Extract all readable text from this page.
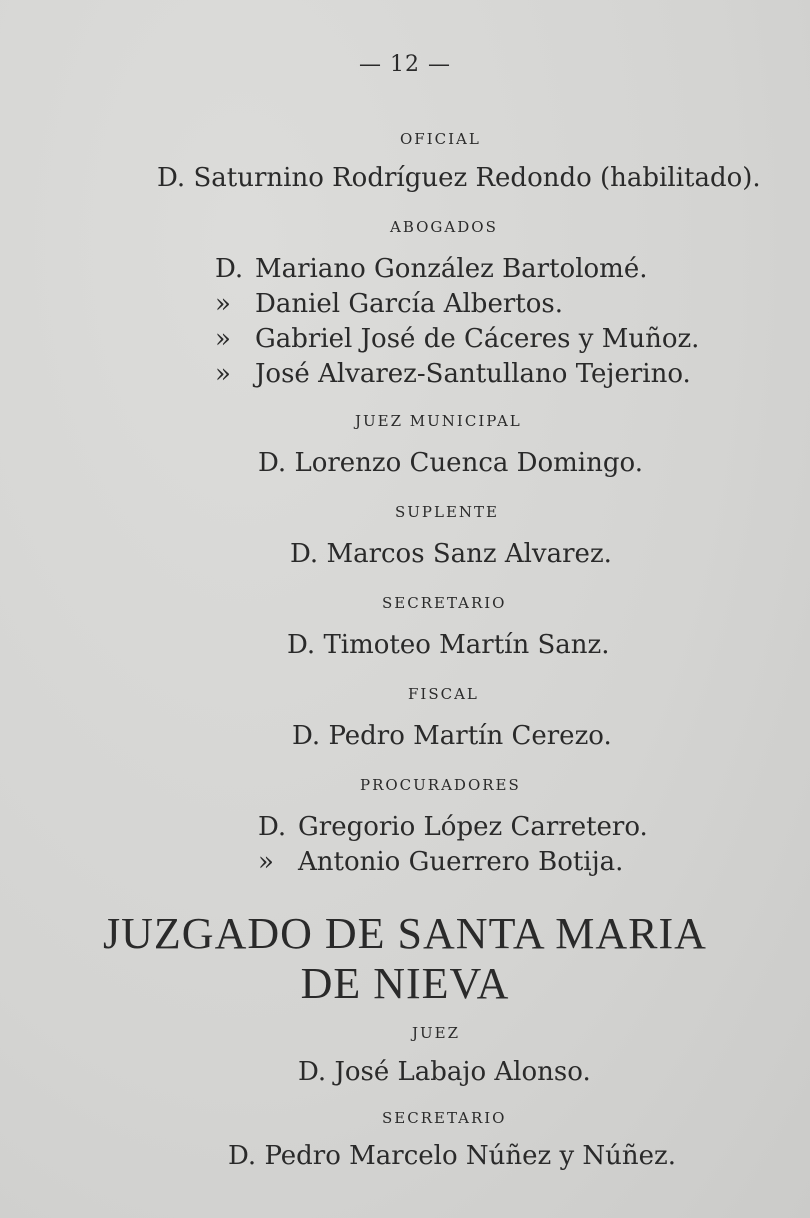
— 12 —
OFICIAL
D. Saturnino Rodríguez Redondo (habilitado).
ABOGADOS
D. Mariano González Bartolomé.
» Daniel García Albertos.
» Gabriel José de Cáceres y Muñoz.
» José Alvarez-Santullano Tejerino.
JUEZ MUNICIPAL
D. Lorenzo Cuenca Domingo.
SUPLENTE
D. Marcos Sanz Alvarez.
SECRETARIO
D. Timoteo Martín Sanz.
FISCAL
D. Pedro Martín Cerezo.
PROCURADORES
D. Gregorio López Carretero.
» Antonio Guerrero Botija.
JUZGADO DE SANTA MARIA
DE NIEVA
JUEZ
D. José Labajo Alonso.
SECRETARIO
D. Pedro Marcelo Núñez y Núñez.
